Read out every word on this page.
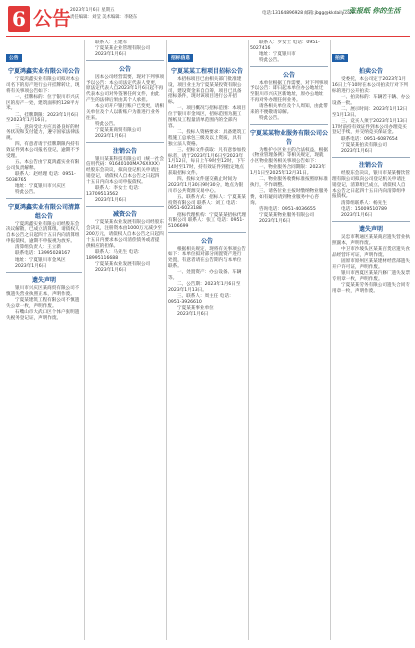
6 公告
2023年1月6日 星期五
责任编辑：刘莹 美术编辑：李晓东
电话:13164896928 邮箱:jbgg@kkdaily.com
一张报纸 你的生活
公告
宁夏鸿鑫实业有限公司公告

宁夏鸿鑫实业有限公司拟对本公司名下的房产进行公开挂牌转让，现将有关事项公告如下：

一、挂牌标的：位于银川市兴庆区的房产一处，建筑面积约128平方米。

二、挂牌期限：2023年1月6日至2023年1月16日。

三、意向受让方应具备良好的财务状况和支付能力，遵守国家法律法规。

四、有意者请于挂牌期限内持有效证件到本公司报名登记，逾期不予受理。

五、本公告由宁夏鸿鑫实业有限公司负责解释。

联系人：赵经理 电话：0951-5038765

地址：宁夏银川市兴庆区

特此公告。

宁夏鸿鑫实业有限公司清算组公告

宁夏鸿鑫实业有限公司经股东会决议解散，已成立清算组。请债权人自本公告之日起四十五日内向清算组申报债权，逾期不申报视为放弃。

清算组负责人：王立新

联系电话：13995028167

地址：宁夏银川市金凤区

2023年1月6日

遗失声明

银川市兴庆区某商贸有限公司不慎遗失营业执照正本，声明作废。

宁夏某建筑工程有限公司不慎遗失公章一枚，声明作废。

石嘴山市大武口区个体户张明遗失税务登记证，声明作废。

联系人：王建军

宁夏某某企业管理有限公司

2023年1月6日

公告

因本公司经营需要，现对下列事项予以公告：本公司法定代表人变更，原法定代表人自2023年1月6日起不再代表本公司对外签署任何文件，由此产生的法律后果由其个人承担。

本公司开户银行账户已变更，请相关单位及个人以新账户为准进行业务往来。

特此公告。

宁夏某某商贸有限公司

2023年1月6日

注销公告

银川某某科技有限公司（统一社会信用代码：91640100MA76XXXX）经股东会决议，拟向登记机关申请注销登记，请债权人自本公告之日起四十五日内向本公司申报债权。

联系人：李女士 电话：13709513562

2023年1月6日

减资公告

宁夏某某农业发展有限公司经股东会决议，注册资本由1000万元减少至200万元，请债权人自本公告之日起四十五日内要求本公司清偿债务或者提供相应的担保。

联系人：马先生 电话：18995116688

宁夏某某农业发展有限公司

2023年1月6日

招标信息
宁夏某某工程项目招标公告

本招标项目已由相关部门批准建设，项目业主为宁夏某某投资有限公司，建设资金来自自筹，项目已具备招标条件，现对该项目进行公开招标。

一、项目概况与招标范围：本项目位于银川市金凤区，招标范围为施工图纸及工程量清单范围内的全部内容。

二、投标人资格要求：具备建筑工程施工总承包三级及以上资质，具有独立法人资格。

三、招标文件获取：凡有意参加投标者，请于2023年1月6日至2023年1月12日，每日上午9时至12时，下午14时至17时，持有效证件到指定地点获取招标文件。

四、投标文件递交截止时间为2023年1月30日9时30分，地点为银川市公共资源交易中心。

五、联系方式：招标人：宁夏某某投资有限公司 联系人：刘工 电话：0951-6023188

招标代理机构：宁夏某某招标代理有限公司 联系人：张工 电话：0951-5106699

公告

根据相关规定，现将有关事项公告如下：本单位拟对部分闲置资产进行处置，有意者请在公告期内与本单位联系。

一、处置资产：办公设备、车辆等。

二、公告期：2023年1月6日至2023年1月13日。

三、联系人：周主任 电话：0951-3926610

宁夏某某事业单位

2023年1月6日

联系人：罗女士 电话：0951-5027416

地址：宁夏银川市

特此公告。

公告

本单位根据工作需要，对下列事项予以公告：即日起本单位办公地址迁至银川市兴庆区新地址，原办公地址不再对外办理任何业务。

请各相关单位及个人周知，由此带来的不便敬请谅解。

特此公告。

宁夏某某物业服务有限公司公告

为维护小区业主的合法权益，根据《物业管理条例》等相关规定，现就小区物业服务相关事项公告如下：

一、物业服务合同期限：2023年1月1日至2025年12月31日。

二、物业服务收费标准按照原标准执行，不作调整。

三、请各位业主按时缴纳物业服务费，如有疑问请到物业服务中心咨询。

咨询电话：0951-4036655

宁夏某某物业服务有限公司

2023年1月6日

拍卖
拍卖公告

受委托，本公司定于2023年1月16日上午10时在本公司拍卖厅对下列标的进行公开拍卖：

一、拍卖标的：车辆若干辆、办公设备一批。

二、展示时间：2023年1月12日至1月13日。

三、竞买人须于2023年1月13日17时前持有效证件到本公司办理竞买登记手续，并交纳竞买保证金。

联系电话：0951-6087654

宁夏某某拍卖有限公司

2023年1月6日

注销公告

经股东会决议，银川市某某餐饮管理有限公司拟向公司登记机关申请注销登记，清算组已成立，请债权人自本公告之日起四十五日内向清算组申报债权。

清算组联系人：杨先生

电话：15009510789

2023年1月6日

遗失声明

吴忠市利通区某某商店遗失营业执照副本，声明作废。

中卫市沙坡头区某某百货店遗失食品经营许可证，声明作废。

固原市原州区某某建材经营部遗失开户许可证，声明作废。

银川市西夏区某某汽修厂遗失发票专用章一枚，声明作废。

宁夏某某劳务有限公司遗失合同专用章一枚，声明作废。
